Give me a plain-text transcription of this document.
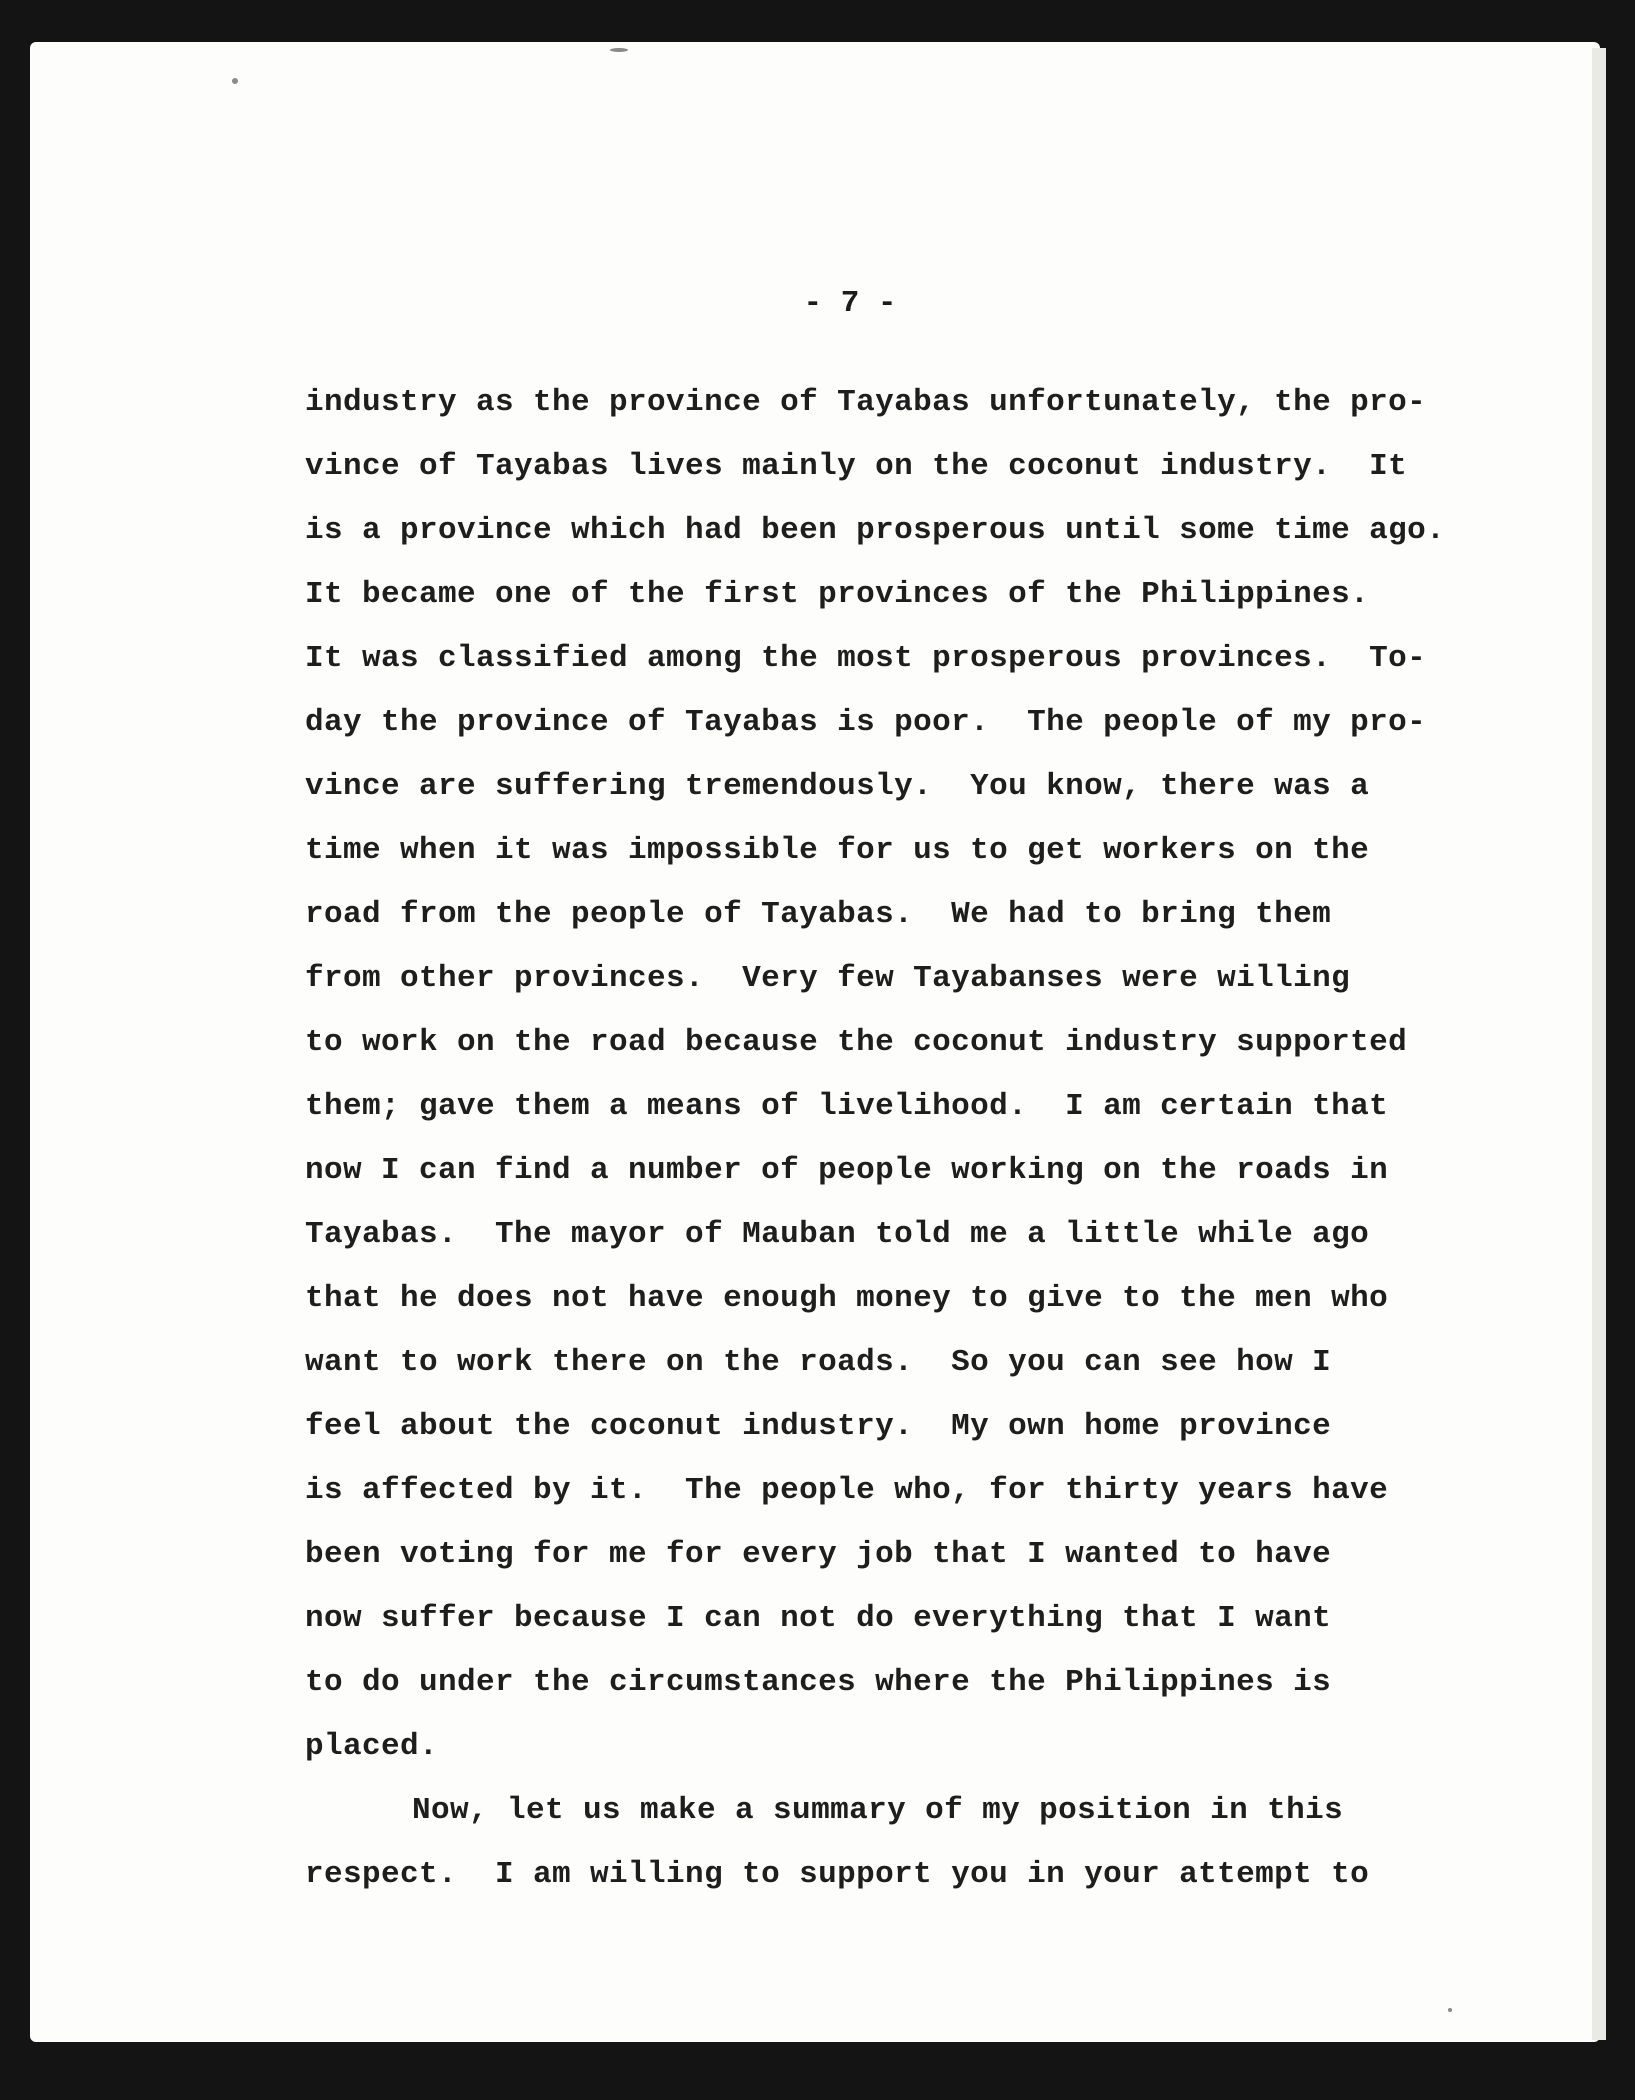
- 7 -
industry as the province of Tayabas unfortunately, the pro-
vince of Tayabas lives mainly on the coconut industry.  It
is a province which had been prosperous until some time ago.
It became one of the first provinces of the Philippines.
It was classified among the most prosperous provinces.  To-
day the province of Tayabas is poor.  The people of my pro-
vince are suffering tremendously.  You know, there was a
time when it was impossible for us to get workers on the
road from the people of Tayabas.  We had to bring them
from other provinces.  Very few Tayabanses were willing
to work on the road because the coconut industry supported
them; gave them a means of livelihood.  I am certain that
now I can find a number of people working on the roads in
Tayabas.  The mayor of Mauban told me a little while ago
that he does not have enough money to give to the men who
want to work there on the roads.  So you can see how I
feel about the coconut industry.  My own home province
is affected by it.  The people who, for thirty years have
been voting for me for every job that I wanted to have
now suffer because I can not do everything that I want
to do under the circumstances where the Philippines is
placed.
Now, let us make a summary of my position in this
respect.  I am willing to support you in your attempt to
